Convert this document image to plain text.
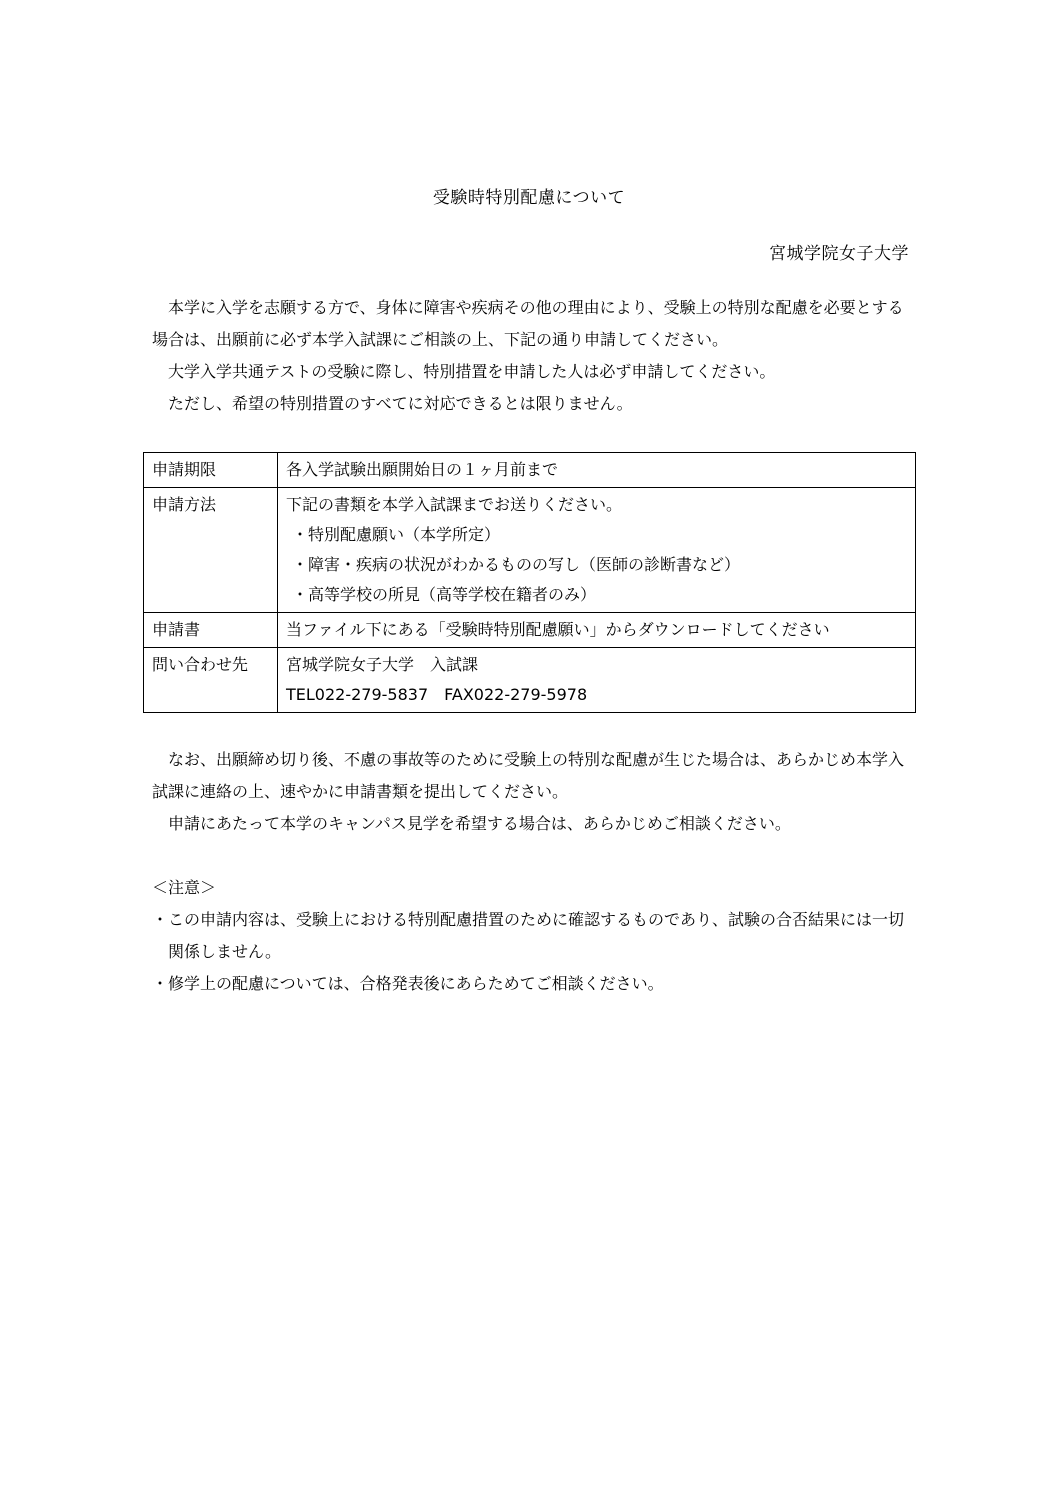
受験時特別配慮について
宮城学院女子大学

本学に入学を志願する方で、身体に障害や疾病その他の理由により、受験上の特別な配慮を必要とする場合は、出願前に必ず本学入試課にご相談の上、下記の通り申請してください。

大学入学共通テストの受験に際し、特別措置を申請した人は必ず申請してください。

ただし、希望の特別措置のすべてに対応できるとは限りません。

申請期限	各入学試験出願開始日の１ヶ月前まで

申請方法	下記の書類を本学入試課までお送りください。
・特別配慮願い（本学所定）
・障害・疾病の状況がわかるものの写し（医師の診断書など）
・高等学校の所見（高等学校在籍者のみ）

申請書	当ファイル下にある「受験時特別配慮願い」からダウンロードしてください

問い合わせ先	宮城学院女子大学　入試課
TEL022-279-5837　FAX022-279-5978

なお、出願締め切り後、不慮の事故等のために受験上の特別な配慮が生じた場合は、あらかじめ本学入試課に連絡の上、速やかに申請書類を提出してください。

申請にあたって本学のキャンパス見学を希望する場合は、あらかじめご相談ください。

＜注意＞
・この申請内容は、受験上における特別配慮措置のために確認するものであり、試験の合否結果には一切関係しません。
・修学上の配慮については、合格発表後にあらためてご相談ください。
